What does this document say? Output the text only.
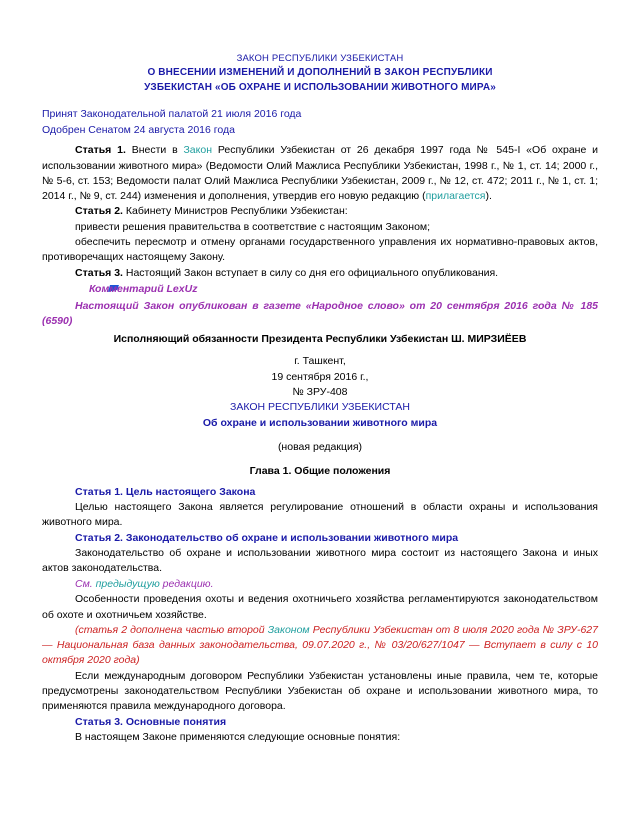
ЗАКОН РЕСПУБЛИКИ УЗБЕКИСТАН

О ВНЕСЕНИИ ИЗМЕНЕНИЙ И ДОПОЛНЕНИЙ В ЗАКОН РЕСПУБЛИКИ

УЗБЕКИСТАН «ОБ ОХРАНЕ И ИСПОЛЬЗОВАНИИ ЖИВОТНОГО МИРА»

Принят Законодательной палатой 21 июля 2016 года

Одобрен Сенатом 24 августа 2016 года

Статья 1. Внести в Закон Республики Узбекистан от 26 декабря 1997 года № 545-I «Об охране и использовании животного мира» (Ведомости Олий Мажлиса Республики Узбекистан, 1998 г., № 1, ст. 14; 2000 г., № 5-6, ст. 153; Ведомости палат Олий Мажлиса Республики Узбекистан, 2009 г., № 12, ст. 472; 2011 г., № 1, ст. 1; 2014 г., № 9, ст. 244) изменения и дополнения, утвердив его новую редакцию (прилагается).

Статья 2. Кабинету Министров Республики Узбекистан:

привести решения правительства в соответствие с настоящим Законом;

обеспечить пересмотр и отмену органами государственного управления их нормативно-правовых актов, противоречащих настоящему Закону.

Статья 3. Настоящий Закон вступает в силу со дня его официального опубликования.

Комментарий LexUz

Настоящий Закон опубликован в газете «Народное слово» от 20 сентября 2016 года № 185 (6590)

Исполняющий обязанности Президента Республики Узбекистан Ш. МИРЗИЁЕВ

г. Ташкент,

19 сентября 2016 г.,

№ ЗРУ-408

ЗАКОН РЕСПУБЛИКИ УЗБЕКИСТАН

Об охране и использовании животного мира

(новая редакция)

Глава 1. Общие положения

Статья 1. Цель настоящего Закона

Целью настоящего Закона является регулирование отношений в области охраны и использования животного мира.

Статья 2. Законодательство об охране и использовании животного мира

Законодательство об охране и использовании животного мира состоит из настоящего Закона и иных актов законодательства.

См. предыдущую редакцию.

Особенности проведения охоты и ведения охотничьего хозяйства регламентируются законодательством об охоте и охотничьем хозяйстве.

(статья 2 дополнена частью второй Законом Республики Узбекистан от 8 июля 2020 года № ЗРУ-627 — Национальная база данных законодательства, 09.07.2020 г., № 03/20/627/1047 — Вступает в силу с 10 октября 2020 года)

Если международным договором Республики Узбекистан установлены иные правила, чем те, которые предусмотрены законодательством Республики Узбекистан об охране и использовании животного мира, то применяются правила международного договора.

Статья 3. Основные понятия

В настоящем Законе применяются следующие основные понятия:
